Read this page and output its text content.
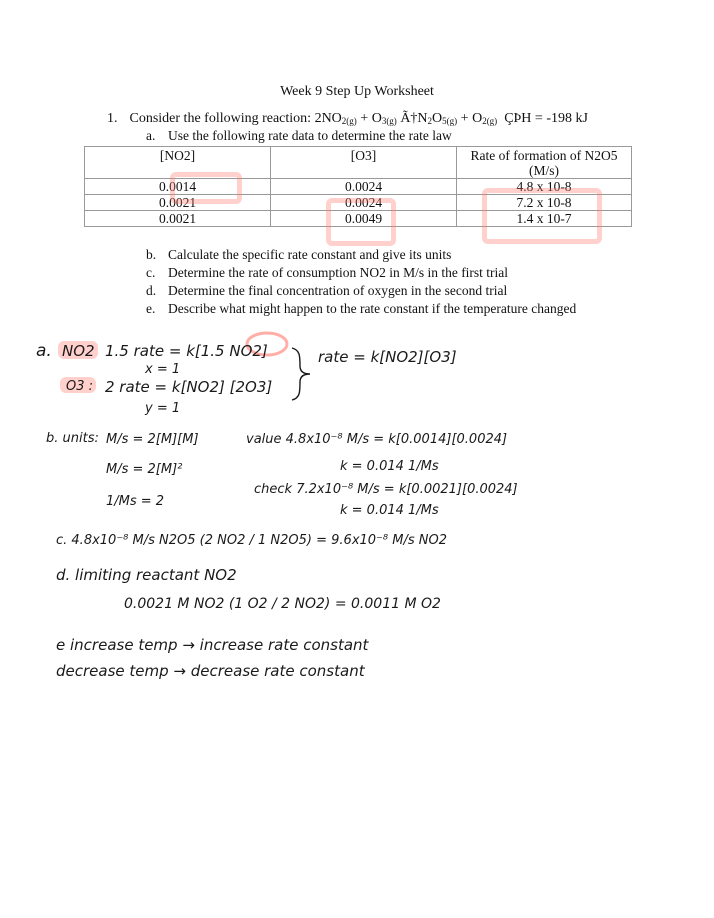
Week 9 Step Up Worksheet
1. Consider the following reaction: $2NO_{2(g)} + O_{3(g)}$ $Ã\dagger N_2O_{5(g)} + O_{2(g)}$  ÇÞH = -198 kJ
a. Use the following rate data to determine the rate law
[NO2]	[O3]	Rate of formation of N2O5 (M/s)
0.0014	0.0024	4.8 x 10-8
0.0021	0.0024	7.2 x 10-8
0.0021	0.0049	1.4 x 10-7
b. Calculate the specific rate constant and give its units
c. Determine the rate of consumption NO2 in M/s in the first trial
d. Determine the final concentration of oxygen in the second trial
e. Describe what might happen to the rate constant if the temperature changed
a. NO2 1.5 rate = k[1.5 NO2]
x = 1
O3 : 2 rate = k[NO2] [2O3]
y = 1
rate = k[NO2][O3]
b. units: M/s = 2[M][M]
M/s = 2[M]²
1/Ms = 2
value 4.8x10⁻⁸ M/s = k[0.0014][0.0024]
k = 0.014 1/Ms
check 7.2x10⁻⁸ M/s = k[0.0021][0.0024]
k = 0.014 1/Ms
c. 4.8x10⁻⁸ M/s N2O5 (2 NO2 / 1 N2O5) = 9.6x10⁻⁸ M/s NO2
d. limiting reactant NO2
0.0021 M NO2 (1 O2 / 2 NO2) = 0.0011 M O2
e increase temp → increase rate constant
decrease temp → decrease rate constant
